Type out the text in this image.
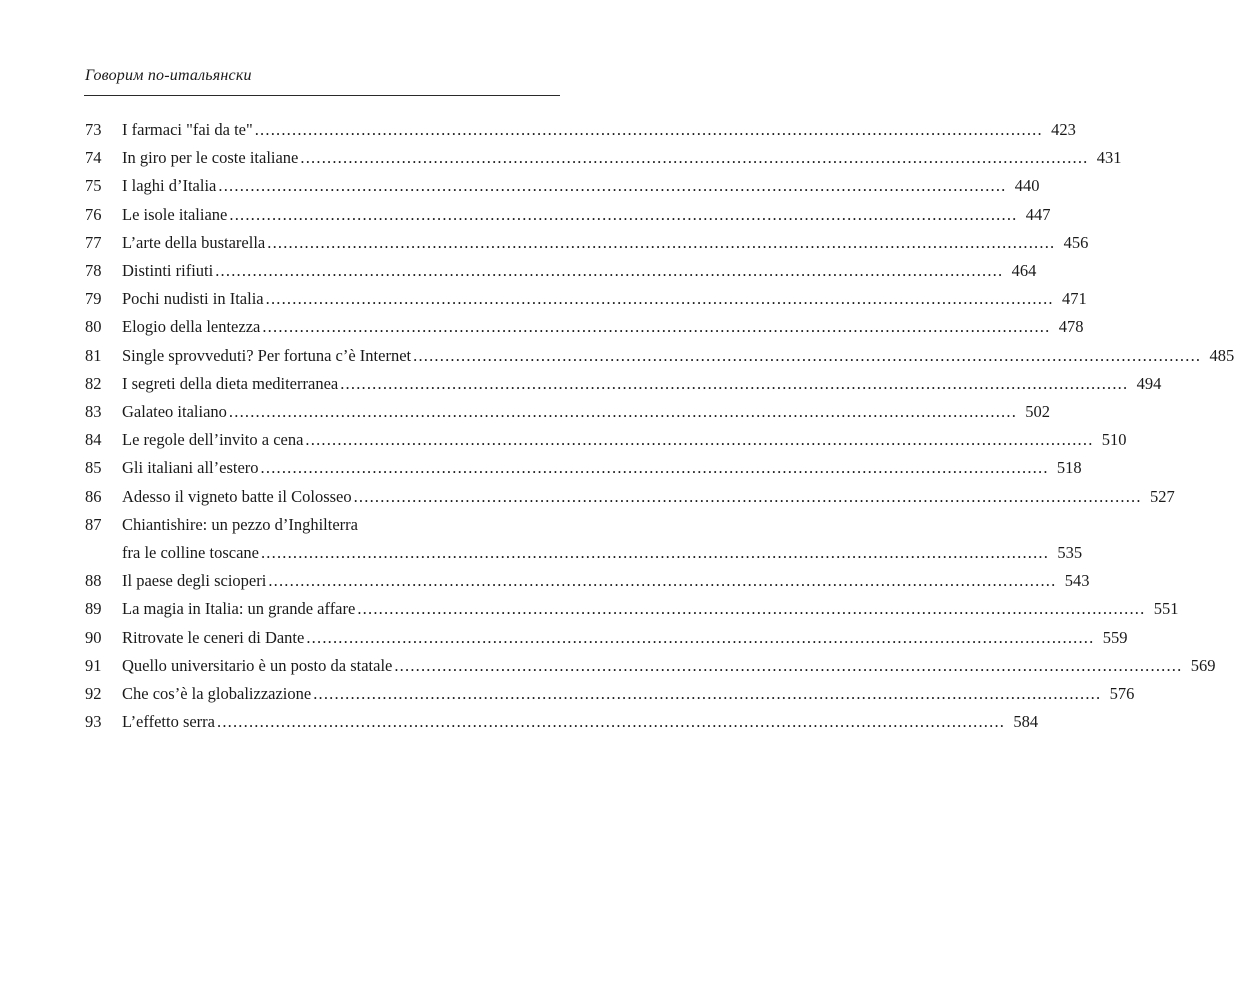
Говорим по-итальянски
73	I farmaci "fai da te" .................................................................................................................................................... 423
74	In giro per le coste italiane .................................................................................................................................................... 431
75	I laghi d’Italia .................................................................................................................................................... 440
76	Le isole italiane .................................................................................................................................................... 447
77	L’arte della bustarella .................................................................................................................................................... 456
78	Distinti rifiuti .................................................................................................................................................... 464
79	Pochi nudisti in Italia .................................................................................................................................................... 471
80	Elogio della lentezza .................................................................................................................................................... 478
81	Single sprovveduti? Per fortuna c’è Internet .................................................................................................................................................... 485
82	I segreti della dieta mediterranea .................................................................................................................................................... 494
83	Galateo italiano .................................................................................................................................................... 502
84	Le regole dell’invito a cena .................................................................................................................................................... 510
85	Gli italiani all’estero .................................................................................................................................................... 518
86	Adesso il vigneto batte il Colosseo .................................................................................................................................................... 527
87	Chiantishire: un pezzo d’Inghilterra
fra le colline toscane .................................................................................................................................................... 535
88	Il paese degli scioperi .................................................................................................................................................... 543
89	La magia in Italia: un grande affare .................................................................................................................................................... 551
90	Ritrovate le ceneri di Dante .................................................................................................................................................... 559
91	Quello universitario è un posto da statale .................................................................................................................................................... 569
92	Che cos’è la globalizzazione .................................................................................................................................................... 576
93	L’effetto serra .................................................................................................................................................... 584
